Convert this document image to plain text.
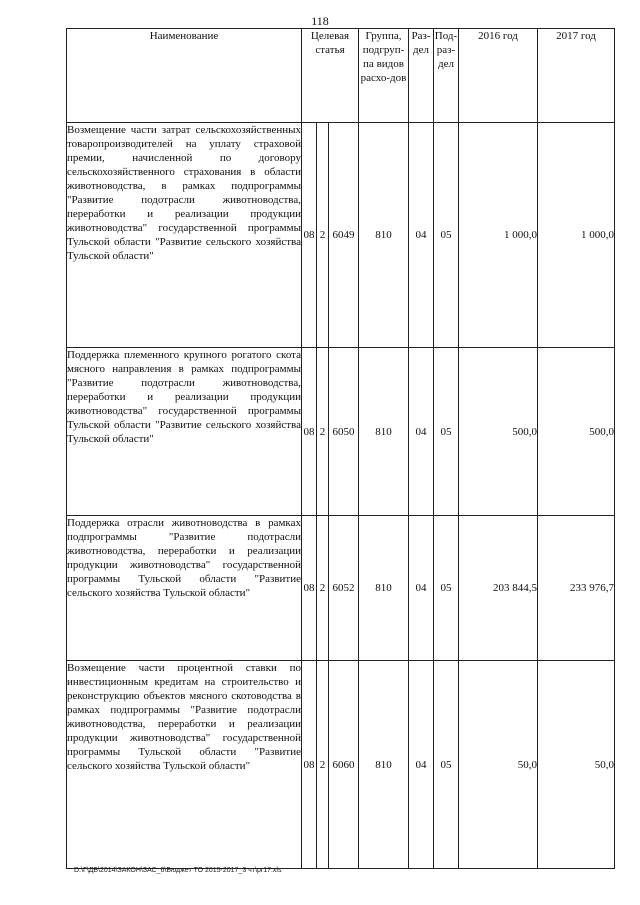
118
Наименование	Целевая статья			Группа, подгруп-па видов расхо-дов	Раз-дел	Под-раз-дел	2016 год	2017 год
Возмещение части затрат сельскохозяйственных товаропроизводителей на уплату страховой премии, начисленной по договору сельскохозяйственного страхования в области животноводства, в рамках подпрограммы "Развитие подотрасли животноводства, переработки и реализации продукции животноводства" государственной программы Тульской области "Развитие сельского хозяйства Тульской области"	08	2	6049	810	04	05	1 000,0	1 000,0
Поддержка племенного крупного рогатого скота мясного направления в рамках подпрограммы "Развитие подотрасли животноводства, переработки и реализации продукции животноводства" государственной программы Тульской области "Развитие сельского хозяйства Тульской области"	08	2	6050	810	04	05	500,0	500,0
Поддержка отрасли животноводства в рамках подпрограммы "Развитие подотрасли животноводства, переработки и реализации продукции животноводства" государственной программы Тульской области "Развитие сельского хозяйства Тульской области"	08	2	6052	810	04	05	203 844,5	233 976,7
Возмещение части процентной ставки по инвестиционным кредитам на строительство и реконструкцию объектов мясного скотоводства в рамках подпрограммы "Развитие подотрасли животноводства, переработки и реализации продукции животноводства" государственной программы Тульской области "Развитие сельского хозяйства Тульской области"	08	2	6060	810	04	05	50,0	50,0
D:\Г\ДБ\2014\ЗАКОН\ЗАС_6\Бюджет ТО 2015-2017_3 чт\pr17.xls
